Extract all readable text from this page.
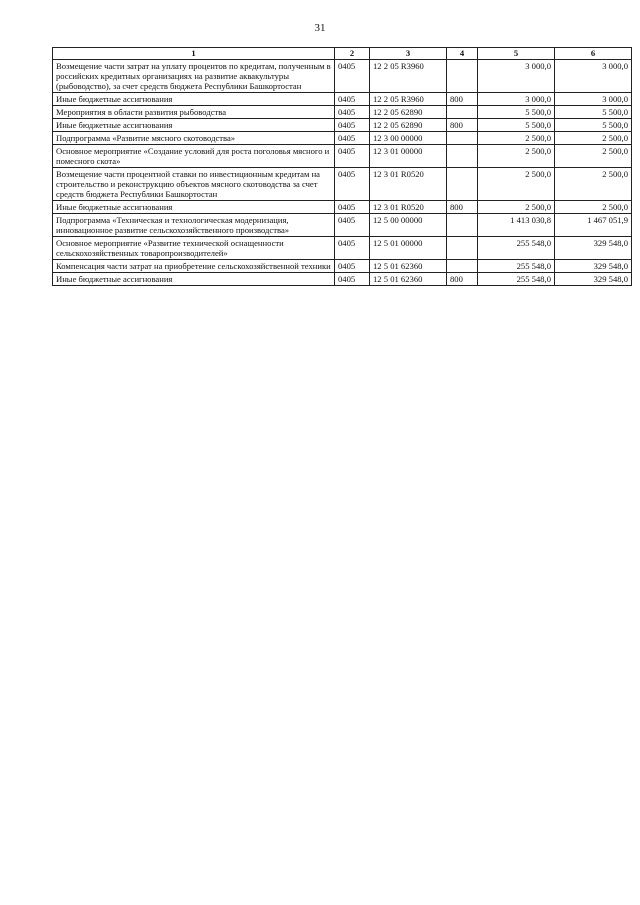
31
1	2	3	4	5	6
Возмещение части затрат на уплату процентов по кредитам, полученным в российских кредитных организациях на развитие аквакультуры (рыбоводство), за счет средств бюджета Республики Башкортостан	0405	12 2 05 R3960		3 000,0	3 000,0
Иные бюджетные ассигнования	0405	12 2 05 R3960	800	3 000,0	3 000,0
Мероприятия в области развития рыбоводства	0405	12 2 05 62890		5 500,0	5 500,0
Иные бюджетные ассигнования	0405	12 2 05 62890	800	5 500,0	5 500,0
Подпрограмма «Развитие мясного скотоводства»	0405	12 3 00 00000		2 500,0	2 500,0
Основное мероприятие «Создание условий для роста поголовья мясного и помесного скота»	0405	12 3 01 00000		2 500,0	2 500,0
Возмещение части процентной ставки по инвестиционным кредитам на строительство и реконструкцию объектов мясного скотоводства за счет средств бюджета Республики Башкортостан	0405	12 3 01 R0520		2 500,0	2 500,0
Иные бюджетные ассигнования	0405	12 3 01 R0520	800	2 500,0	2 500,0
Подпрограмма «Техническая и технологическая модернизация, инновационное развитие сельскохозяйственного производства»	0405	12 5 00 00000		1 413 030,8	1 467 051,9
Основное мероприятие «Развитие технической оснащенности сельскохозяйственных товаропроизводителей»	0405	12 5 01 00000		255 548,0	329 548,0
Компенсация части затрат на приобретение сельскохозяйственной техники	0405	12 5 01 62360		255 548,0	329 548,0
Иные бюджетные ассигнования	0405	12 5 01 62360	800	255 548,0	329 548,0
